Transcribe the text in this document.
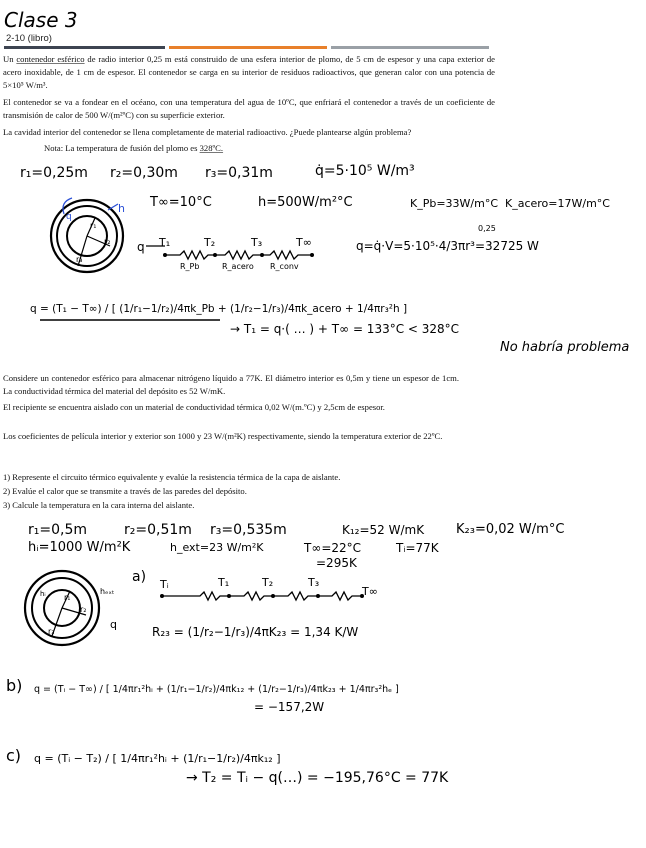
Clase 3
2-10 (libro)
Un contenedor esférico de radio interior 0,25 m está construido de una esfera interior de plomo, de 5 cm de espesor y una capa exterior de acero inoxidable, de 1 cm de espesor. El contenedor se carga en su interior de residuos radioactivos, que generan calor con una potencia de 5×10⁵ W/m³.
El contenedor se va a fondear en el océano, con una temperatura del agua de 10ºC, que enfriará el contenedor a través de un coeficiente de transmisión de calor de 500 W/(m²ºC) con su superficie exterior.
La cavidad interior del contenedor se llena completamente de material radioactivo. ¿Puede plantearse algún problema?
Nota: La temperatura de fusión del plomo es 328ºC.
r₁=0,25m r₂=0,30m r₃=0,31m	q̇=5·10⁵ W/m³
T∞=10°C	h=500W/m²°C	K_Pb=33W/m°C K_acero=17W/m°C
r₁
r₂
r₃
q
h
q
r₁
r₂
r₃
hᵢ	hₑₓₜ
q
T₁	T₂	T₃	T∞
R_Pb	R_acero R_conv
q=q̇·V=5·10⁵·4/3πr³=32725 W
0,25
q = (T₁ − T∞) / [ (1/r₁−1/r₂)/4πk_Pb + (1/r₂−1/r₃)/4πk_acero + 1/4πr₃²h ]
→ T₁ = q·( … ) + T∞ = 133°C < 328°C
No habría problema
Considere un contenedor esférico para almacenar nitrógeno líquido a 77K. El diámetro interior es 0,5m y tiene un espesor de 1cm. La conductividad térmica del material del depósito es 52 W/mK.
El recipiente se encuentra aislado con un material de conductividad térmica 0,02 W/(m.ºC) y 2,5cm de espesor.
Los coeficientes de película interior y exterior son 1000 y 23 W/(m²K) respectivamente, siendo la temperatura exterior de 22ºC.
1) Represente el circuito térmico equivalente y evalúe la resistencia térmica de la capa de aislante.
2) Evalúe el calor que se transmite a través de las paredes del depósito.
3) Calcule la temperatura en la cara interna del aislante.
r₁=0,5m	r₂=0,51m r₃=0,535m	K₁₂=52 W/mK K₂₃=0,02 W/m°C
hᵢ=1000 W/m²K	h_ext=23 W/m²K	T∞=22°C
=295K
Tᵢ=77K
a) Tᵢ	T₁	T₂	T₃
T∞
R₂₃ = (1/r₂−1/r₃)/4πK₂₃ = 1,34 K/W
b) q = (Tᵢ − T∞) / [ 1/4πr₁²hᵢ + (1/r₁−1/r₂)/4πk₁₂ + (1/r₂−1/r₃)/4πk₂₃ + 1/4πr₃²hₑ ]
= −157,2W
c) q = (Tᵢ − T₂) / [ 1/4πr₁²hᵢ + (1/r₁−1/r₂)/4πk₁₂ ]
→ T₂ = Tᵢ − q(…) = −195,76°C = 77K
